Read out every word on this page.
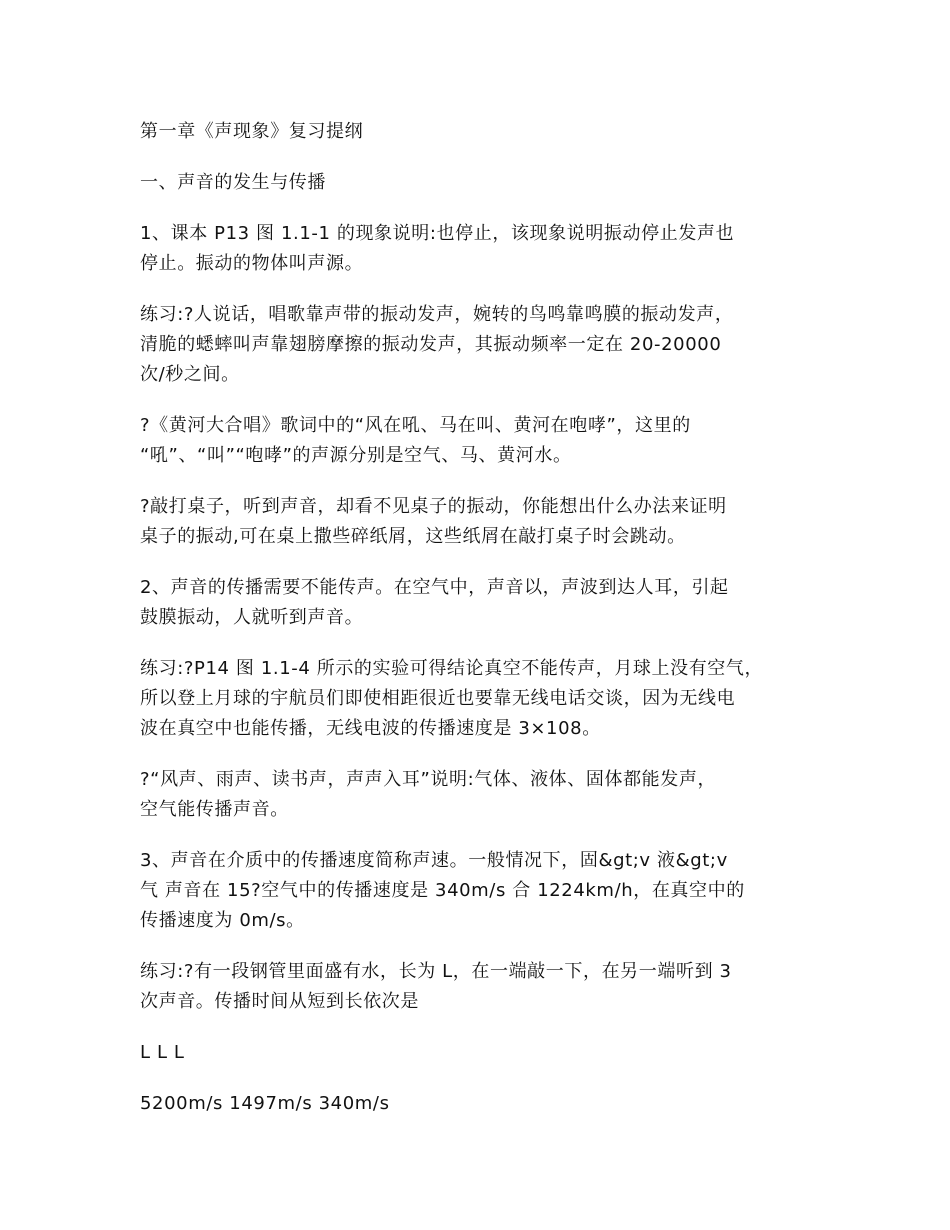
第一章《声现象》复习提纲

一、声音的发生与传播

1、课本 P13 图 1.1-1 的现象说明:也停止，该现象说明振动停止发声也
停止。振动的物体叫声源。

练习:?人说话，唱歌靠声带的振动发声，婉转的鸟鸣靠鸣膜的振动发声，
清脆的蟋蟀叫声靠翅膀摩擦的振动发声，其振动频率一定在 20-20000
次/秒之间。

?《黄河大合唱》歌词中的“风在吼、马在叫、黄河在咆哮”，这里的
“吼”、“叫”“咆哮”的声源分别是空气、马、黄河水。

?敲打桌子，听到声音，却看不见桌子的振动，你能想出什么办法来证明
桌子的振动,可在桌上撒些碎纸屑，这些纸屑在敲打桌子时会跳动。

2、声音的传播需要不能传声。在空气中，声音以，声波到达人耳，引起
鼓膜振动，人就听到声音。

练习:?P14 图 1.1-4 所示的实验可得结论真空不能传声，月球上没有空气，
所以登上月球的宇航员们即使相距很近也要靠无线电话交谈，因为无线电
波在真空中也能传播，无线电波的传播速度是 3×108。

?“风声、雨声、读书声，声声入耳”说明:气体、液体、固体都能发声，
空气能传播声音。

3、声音在介质中的传播速度简称声速。一般情况下，固&gt;v 液&gt;v
气 声音在 15?空气中的传播速度是 340m/s 合 1224km/h，在真空中的
传播速度为 0m/s。

练习:?有一段钢管里面盛有水，长为 L，在一端敲一下，在另一端听到 3
次声音。传播时间从短到长依次是

L L L

5200m/s 1497m/s 340m/s
